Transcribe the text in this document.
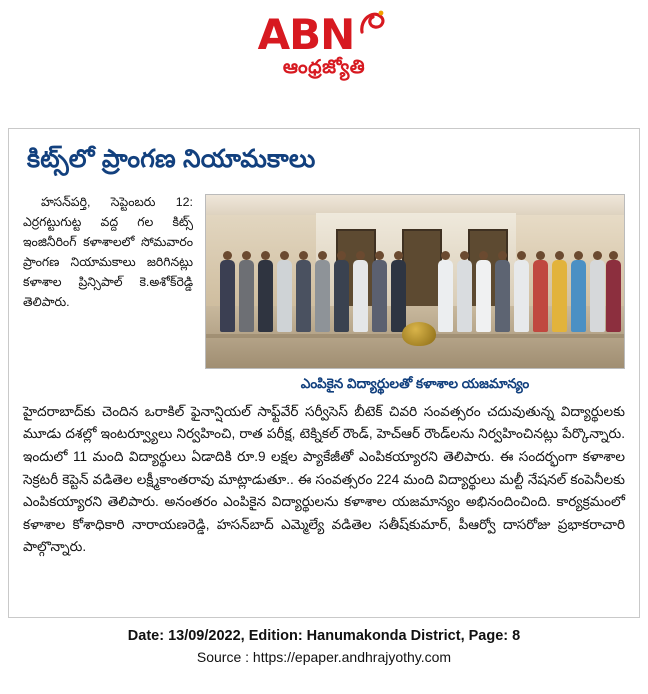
ABN
ఆంధ్రజ్యోతి
కిట్స్‌లో ప్రాంగణ నియామకాలు
ఎంపికైన విద్యార్థులతో కళాశాల యజమాన్యం

హసన్‌పర్తి, సెప్టెంబరు 12: ఎర్రగట్టుగుట్ట వద్ద గల కిట్స్ ఇంజినీరింగ్ కళాశాలలో సోమవారం ప్రాంగణ నియామకాలు జరిగినట్లు కళాశాల ప్రిన్సిపాల్ కె.అశోక్‌రెడ్డి తెలిపారు.

హైదరాబాద్‌కు చెందిన ఒరాకిల్ ఫైనాన్షియల్ సాఫ్ట్‌వేర్ సర్వీసెస్ బీటెక్ చివరి సంవత్సరం చదువుతున్న విద్యార్థులకు మూడు దశల్లో ఇంటర్వ్యూలు నిర్వహించి, రాత పరీక్ష, టెక్నికల్ రౌండ్, హెచ్‌ఆర్ రౌండ్‌లను నిర్వహించినట్లు పేర్కొన్నారు. ఇందులో 11 మంది విద్యార్థులు ఏడాదికి రూ.9 లక్షల ప్యాకేజీతో ఎంపికయ్యారని తెలిపారు. ఈ సందర్భంగా కళాశాల సెక్రటరీ కెప్టెన్ వడితెల లక్ష్మీకాంతరావు మాట్లాడుతూ.. ఈ సంవత్సరం 224 మంది విద్యార్థులు మల్టీ నేషనల్ కంపెనీలకు ఎంపికయ్యారని తెలిపారు. అనంతరం ఎంపికైన విద్యార్థులను కళాశాల యజమాన్యం అభినందించింది. కార్యక్రమంలో కళాశాల కోశాధికారి నారాయణరెడ్డి, హసన్‌బాద్ ఎమ్మెల్యే వడితెల సతీష్‌కుమార్, పీఆర్వో దాసరోజు ప్రభాకరాచారి పాల్గొన్నారు.

Date: 13/09/2022, Edition: Hanumakonda District, Page: 8
Source : https://epaper.andhrajyothy.com
